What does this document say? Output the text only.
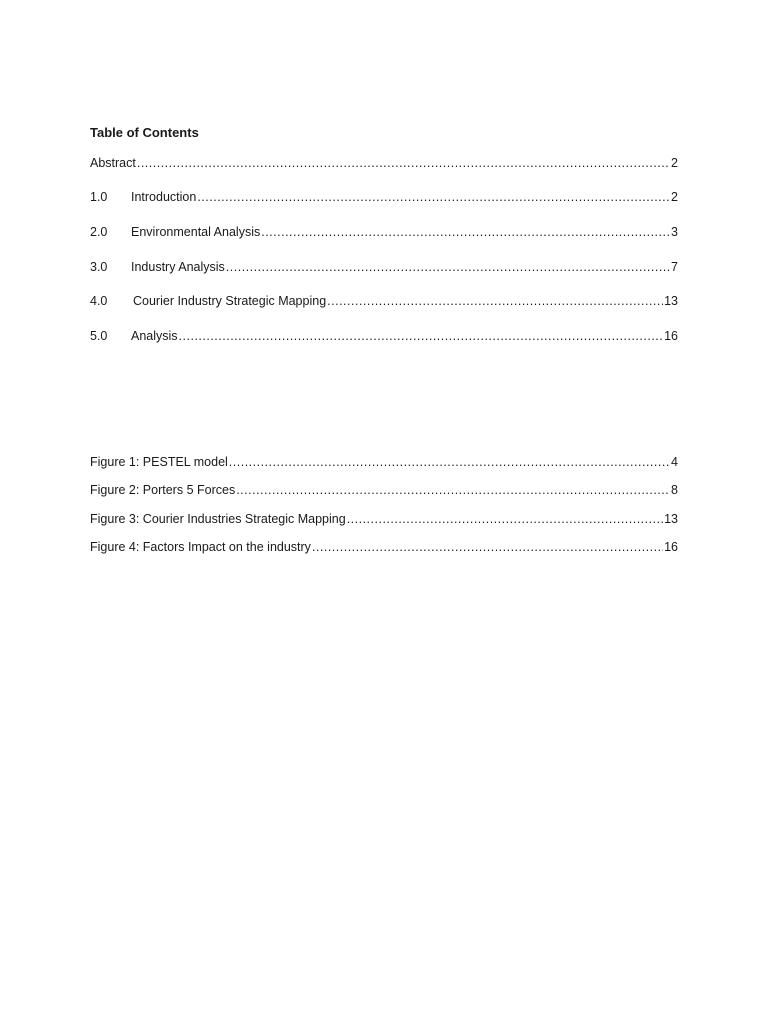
Table of Contents
Abstract .....	2
1.0	Introduction .....	2
2.0	Environmental Analysis .....	3
3.0	Industry Analysis .....	7
4.0	Courier Industry Strategic Mapping .....	13
5.0	Analysis .....	16
Figure 1: PESTEL model .....	4
Figure 2: Porters 5 Forces .....	8
Figure 3: Courier Industries Strategic Mapping .....	13
Figure 4: Factors Impact on the industry .....	16
